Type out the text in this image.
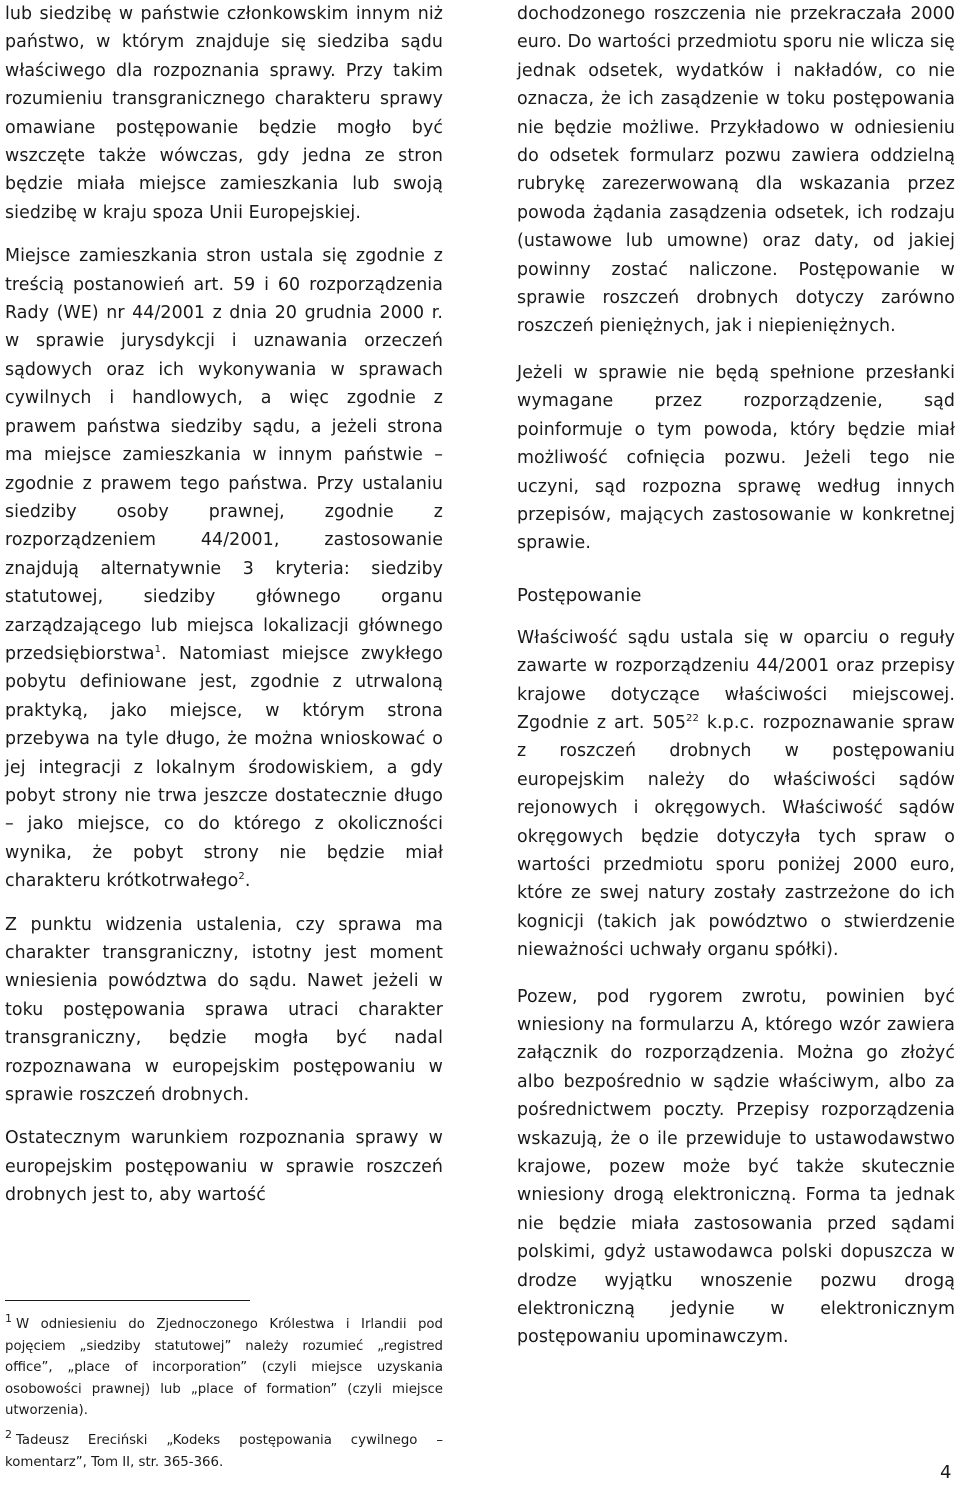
lub siedzibę w państwie członkowskim innym niż państwo, w którym znajduje się siedziba sądu właściwego dla rozpoznania sprawy. Przy takim rozumieniu transgranicznego charakteru sprawy omawiane postępowanie będzie mogło być wszczęte także wówczas, gdy jedna ze stron będzie miała miejsce zamieszkania lub swoją siedzibę w kraju spoza Unii Europejskiej.

Miejsce zamieszkania stron ustala się zgodnie z treścią postanowień art. 59 i 60 rozporządzenia Rady (WE) nr 44/2001 z dnia 20 grudnia 2000 r. w sprawie jurysdykcji i uznawania orzeczeń sądowych oraz ich wykonywania w sprawach cywilnych i handlowych, a więc zgodnie z prawem państwa siedziby sądu, a jeżeli strona ma miejsce zamieszkania w innym państwie – zgodnie z prawem tego państwa. Przy ustalaniu siedziby osoby prawnej, zgodnie z rozporządzeniem 44/2001, zastosowanie znajdują alternatywnie 3 kryteria: siedziby statutowej, siedziby głównego organu zarządzającego lub miejsca lokalizacji głównego przedsiębiorstwa$^1$. Natomiast miejsce zwykłego pobytu definiowane jest, zgodnie z utrwaloną praktyką, jako miejsce, w którym strona przebywa na tyle długo, że można wnioskować o jej integracji z lokalnym środowiskiem, a gdy pobyt strony nie trwa jeszcze dostatecznie długo – jako miejsce, co do którego z okoliczności wynika, że pobyt strony nie będzie miał charakteru krótkotrwałego$^2$.

Z punktu widzenia ustalenia, czy sprawa ma charakter transgraniczny, istotny jest moment wniesienia powództwa do sądu. Nawet jeżeli w toku postępowania sprawa utraci charakter transgraniczny, będzie mogła być nadal rozpoznawana w europejskim postępowaniu w sprawie roszczeń drobnych.

Ostatecznym warunkiem rozpoznania sprawy w europejskim postępowaniu w sprawie roszczeń drobnych jest to, aby wartość

$^1$ W odniesieniu do Zjednoczonego Królestwa i Irlandii pod pojęciem „siedziby statutowej” należy rozumieć „registred office”, „place of incorporation” (czyli miejsce uzyskania osobowości prawnej) lub „place of formation” (czyli miejsce utworzenia).
$^2$ Tadeusz Ereciński „Kodeks postępowania cywilnego – komentarz”, Tom II, str. 365-366.

dochodzonego roszczenia nie przekraczała 2000 euro. Do wartości przedmiotu sporu nie wlicza się jednak odsetek, wydatków i nakładów, co nie oznacza, że ich zasądzenie w toku postępowania nie będzie możliwe. Przykładowo w odniesieniu do odsetek formularz pozwu zawiera oddzielną rubrykę zarezerwowaną dla wskazania przez powoda żądania zasądzenia odsetek, ich rodzaju (ustawowe lub umowne) oraz daty, od jakiej powinny zostać naliczone. Postępowanie w sprawie roszczeń drobnych dotyczy zarówno roszczeń pieniężnych, jak i niepieniężnych.

Jeżeli w sprawie nie będą spełnione przesłanki wymagane przez rozporządzenie, sąd poinformuje o tym powoda, który będzie miał możliwość cofnięcia pozwu. Jeżeli tego nie uczyni, sąd rozpozna sprawę według innych przepisów, mających zastosowanie w konkretnej sprawie.

Postępowanie

Właściwość sądu ustala się w oparciu o reguły zawarte w rozporządzeniu 44/2001 oraz przepisy krajowe dotyczące właściwości miejscowej. Zgodnie z art. $505^{22}$ k.p.c. rozpoznawanie spraw z roszczeń drobnych w postępowaniu europejskim należy do właściwości sądów rejonowych i okręgowych. Właściwość sądów okręgowych będzie dotyczyła tych spraw o wartości przedmiotu sporu poniżej 2000 euro, które ze swej natury zostały zastrzeżone do ich kognicji (takich jak powództwo o stwierdzenie nieważności uchwały organu spółki).

Pozew, pod rygorem zwrotu, powinien być wniesiony na formularzu A, którego wzór zawiera załącznik do rozporządzenia. Można go złożyć albo bezpośrednio w sądzie właściwym, albo za pośrednictwem poczty. Przepisy rozporządzenia wskazują, że o ile przewiduje to ustawodawstwo krajowe, pozew może być także skutecznie wniesiony drogą elektroniczną. Forma ta jednak nie będzie miała zastosowania przed sądami polskimi, gdyż ustawodawca polski dopuszcza w drodze wyjątku wnoszenie pozwu drogą elektroniczną jedynie w elektronicznym postępowaniu upominawczym.

4
